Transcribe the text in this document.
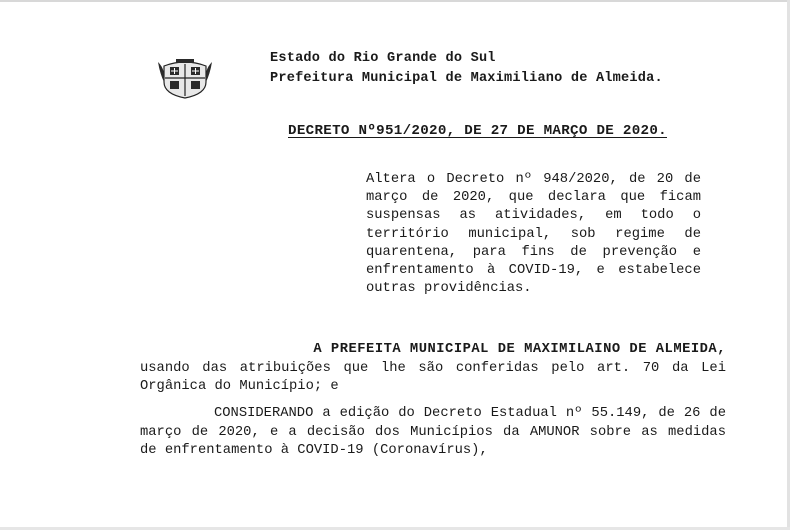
Estado do Rio Grande do Sul
Prefeitura Municipal de Maximiliano de Almeida.
DECRETO Nº951/2020, DE 27 DE MARÇO DE 2020.

Altera o Decreto nº 948/2020, de 20 de março de 2020, que declara que ficam suspensas as atividades, em todo o território municipal, sob regime de quarentena, para fins de prevenção e enfrentamento à COVID-19, e estabelece outras providências.

A PREFEITA MUNICIPAL DE MAXIMILAINO DE ALMEIDA,
usando das atribuições que lhe são conferidas pelo art. 70 da Lei Orgânica do Município; e
CONSIDERANDO a edição do Decreto Estadual nº 55.149, de 26 de março de 2020, e a decisão dos Municípios da AMUNOR sobre as medidas de enfrentamento à COVID-19 (Coronavírus),
